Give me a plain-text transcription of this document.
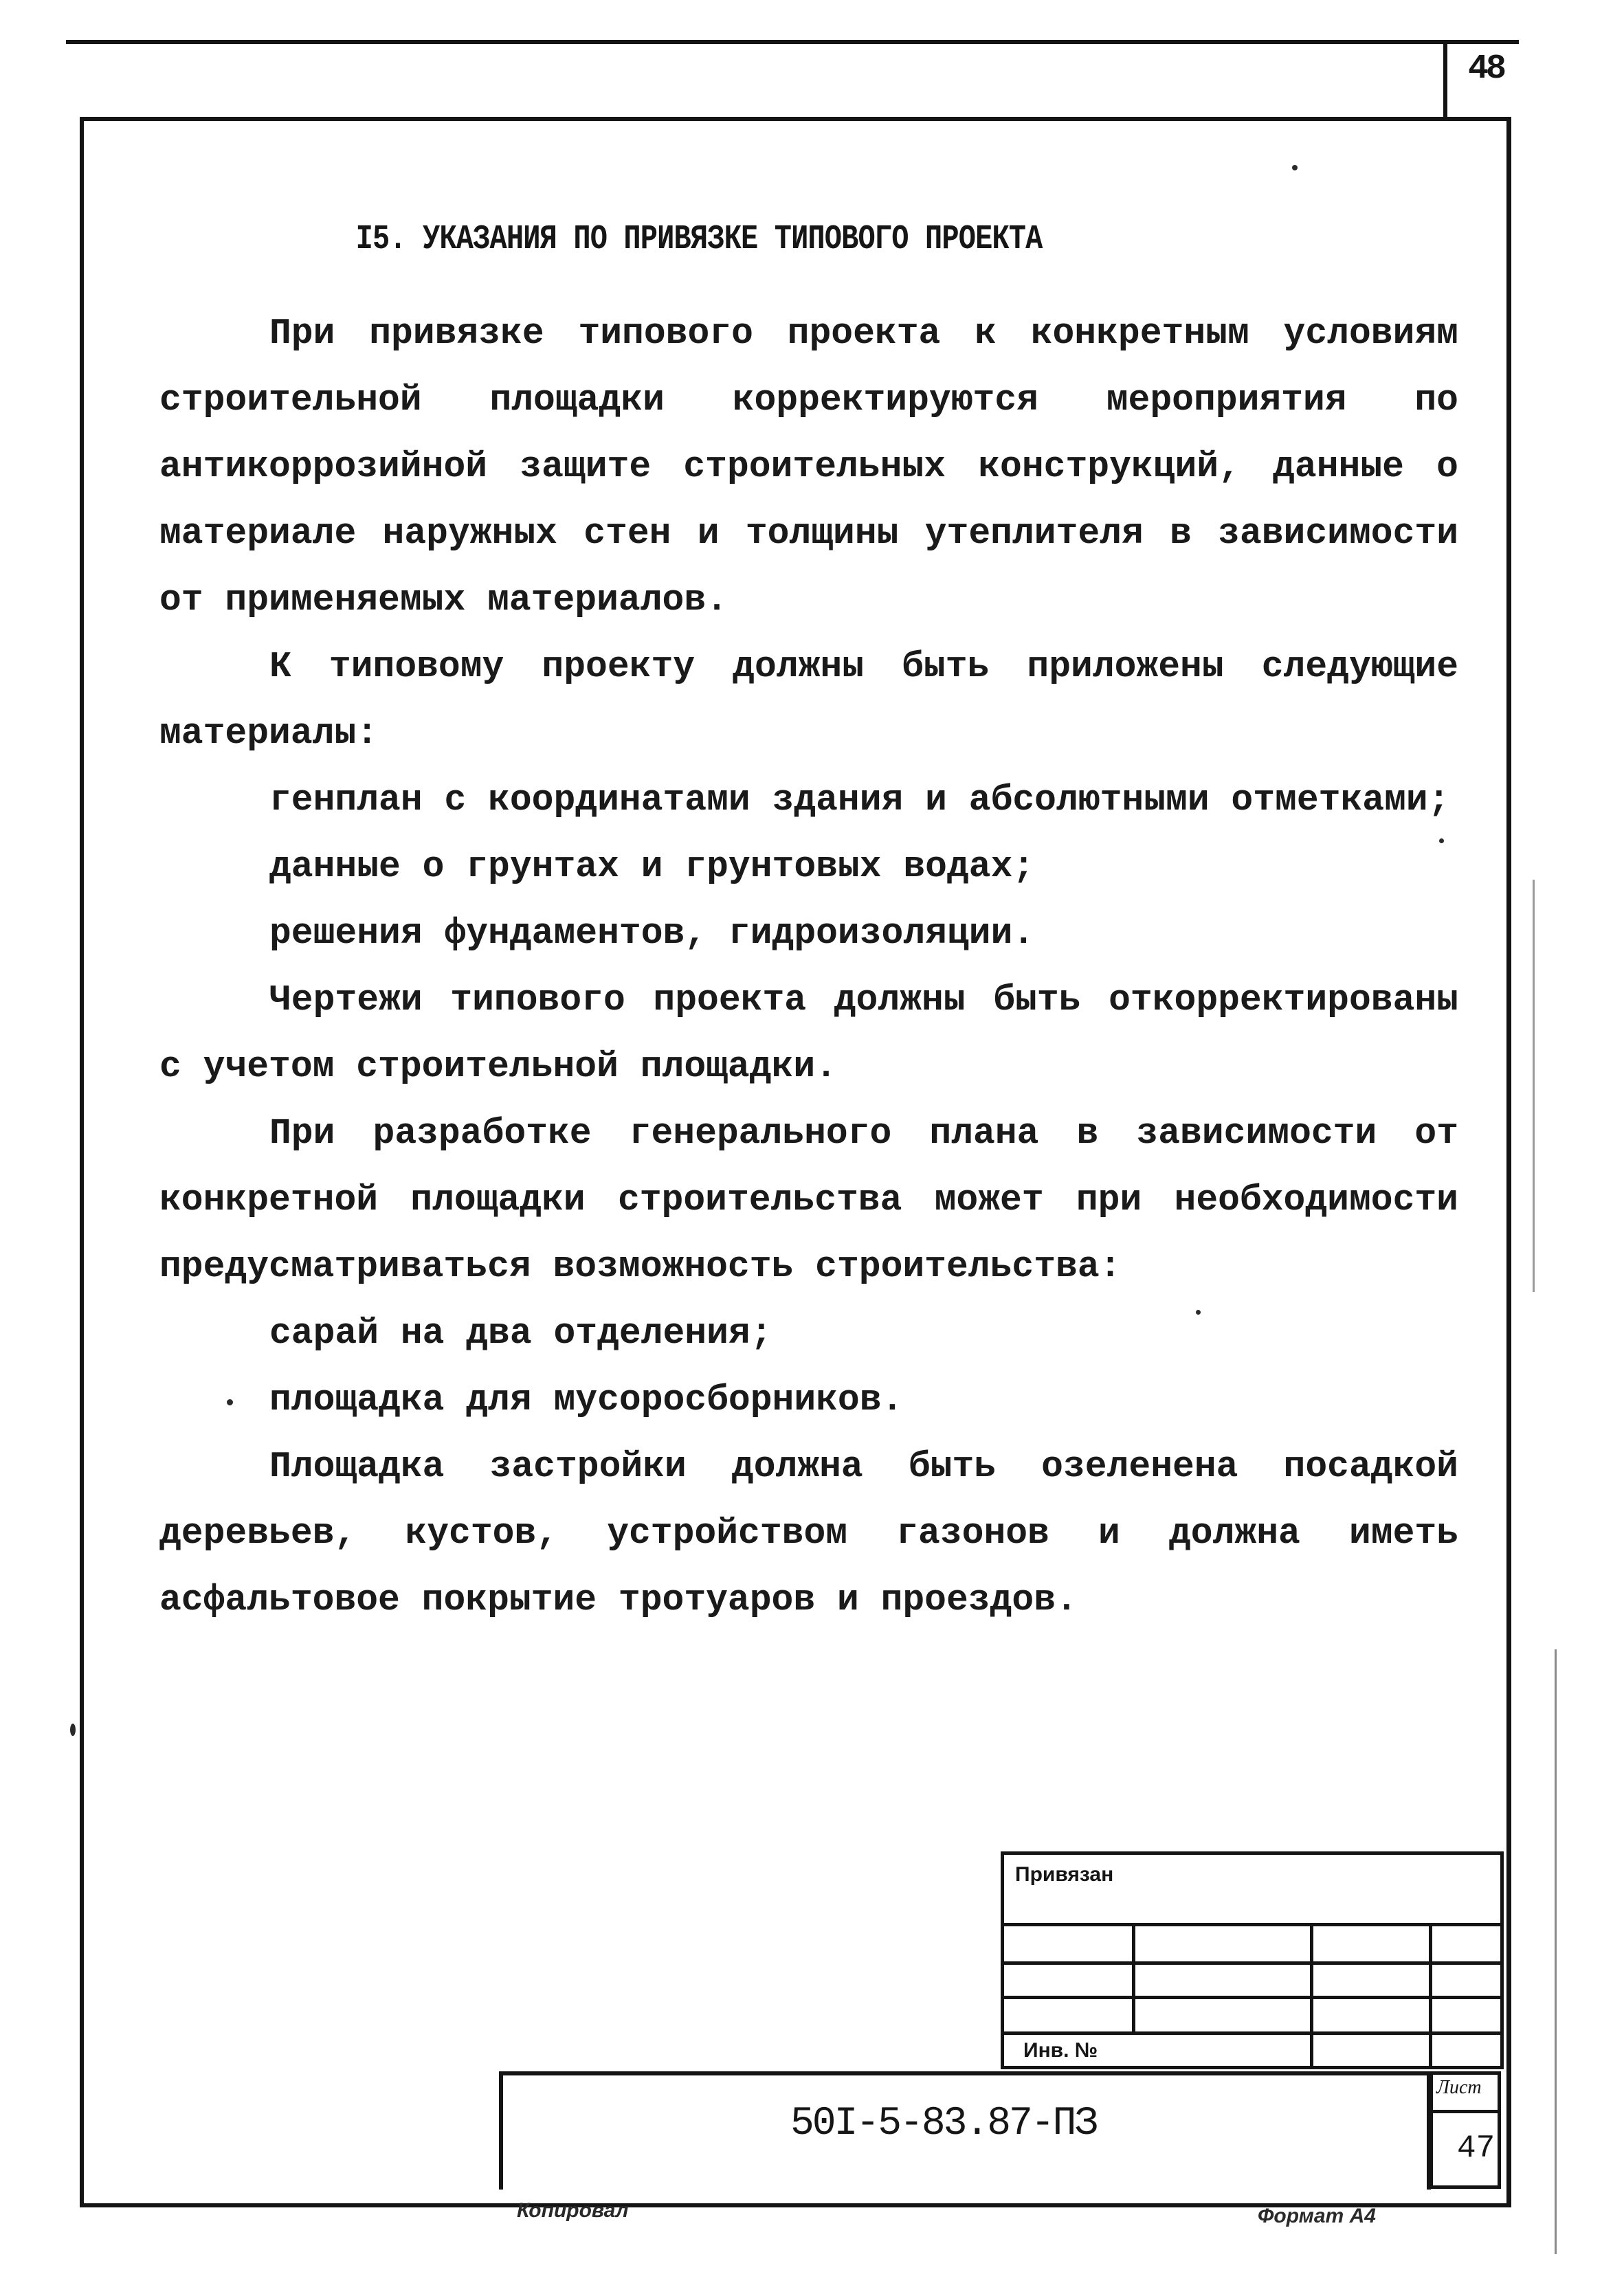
48
I5. УКАЗАНИЯ ПО ПРИВЯЗКЕ ТИПОВОГО ПРОЕКТА

При привязке типового проекта к конкретным условиям строительной площадки корректируются мероприятия по антикоррозийной защите строительных конструкций, данные о материале наружных стен и толщины утеплителя в зависимости от применяемых материалов.

К типовому проекту должны быть приложены следующие материалы:

генплан с координатами здания и абсолютными отметками;

данные о грунтах и грунтовых водах;

решения фундаментов, гидроизоляции.

Чертежи типового проекта должны быть откорректированы с учетом строительной площадки.

При разработке генерального плана в зависимости от конкретной площадки строительства может при необходимости предусматриваться возможность строительства:

сарай на два отделения;

площадка для мусоросборников.

Площадка застройки должна быть озеленена посадкой деревьев, кустов, устройством газонов и должна иметь асфальтовое покрытие тротуаров и проездов.

Привязан			

Инв. №			
50I-5-83.87-ПЗ

Лист
47
Копировал	Формат А4
